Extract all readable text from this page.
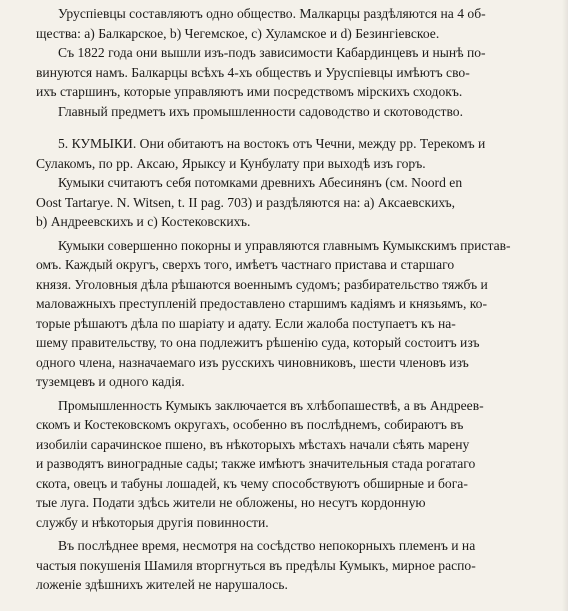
Уруспіевцы составляютъ одно общество. Малкарцы раздѣляются на 4 об-

щества: а) Балкарское, b) Чегемское, c) Хуламское и d) Безингіевское.

Съ 1822 года они вышли изъ-подъ зависимости Кабардинцевъ и нынѣ по-

винуются намъ. Балкарцы всѣхъ 4-хъ обществъ и Уруспіевцы имѣютъ сво-

ихъ старшинъ, которые управляютъ ими посредствомъ мірскихъ сходокъ.

Главный предметъ ихъ промышленности садоводство и скотоводство.

5. КУМЫКИ. Они обитаютъ на востокъ отъ Чечни, между рр. Терекомъ и

Сулакомъ, по рр. Аксаю, Ярыксу и Кунбулату при выходѣ изъ горъ.

Кумыки считаютъ себя потомками древнихъ Абесинянъ (см. Noord en

Oost Tartarye. N. Witsen, t. II pag. 703) и раздѣляются на: а) Аксаевскихъ,

b) Андреевскихъ и c) Костековскихъ.

Кумыки совершенно покорны и управляются главнымъ Кумыкскимъ пристав-

омъ. Каждый округъ, сверхъ того, имѣетъ частнаго пристава и старшаго

князя. Уголовныя дѣла рѣшаются военнымъ судомъ; разбирательство тяжбъ и

маловажныхъ преступленій предоставлено старшимъ кадіямъ и князьямъ, ко-

торые рѣшаютъ дѣла по шаріату и адату. Если жалоба поступаетъ къ на-

шему правительству, то она подлежитъ рѣшенію суда, который состоитъ изъ

одного члена, назначаемаго изъ русскихъ чиновниковъ, шести членовъ изъ

туземцевъ и одного кадія.

Промышленность Кумыкъ заключается въ хлѣбопашествѣ, а въ Андреев-

скомъ и Костековскомъ округахъ, особенно въ послѣднемъ, собираютъ въ

изобиліи сарачинское пшено, въ нѣкоторыхъ мѣстахъ начали сѣять марену

и разводятъ виноградные сады; также имѣютъ значительныя стада рогатаго

скота, овецъ и табуны лошадей, къ чему способствуютъ обширные и бога-

тые луга. Подати здѣсь жители не обложены, но несутъ кордонную

службу и нѣкоторыя другія повинности.

Въ послѣднее время, несмотря на сосѣдство непокорныхъ племенъ и на

частыя покушенія Шамиля вторгнуться въ предѣлы Кумыкъ, мирное распо-

ложеніе здѣшнихъ жителей не нарушалось.
